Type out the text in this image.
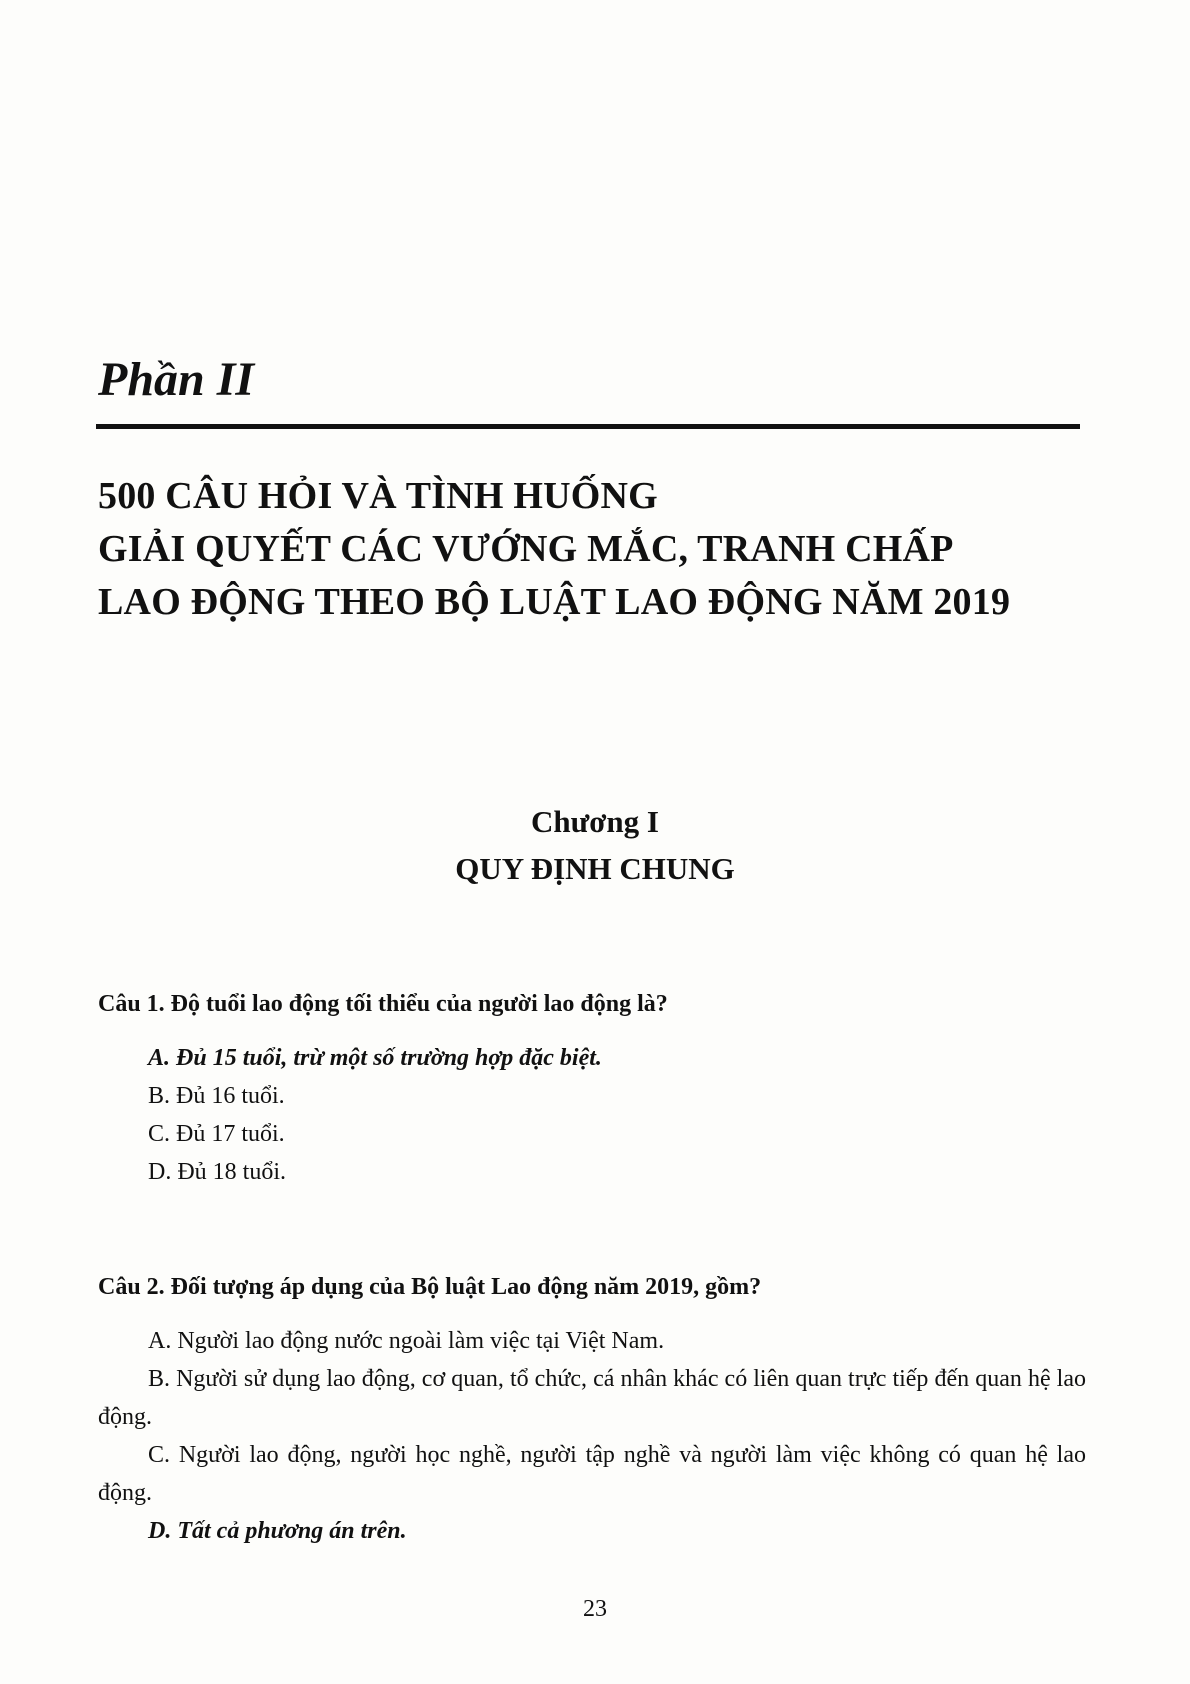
Phần II
500 CÂU HỎI VÀ TÌNH HUỐNG
GIẢI QUYẾT CÁC VƯỚNG MẮC, TRANH CHẤP
LAO ĐỘNG THEO BỘ LUẬT LAO ĐỘNG NĂM 2019
Chương I
QUY ĐỊNH CHUNG

Câu 1. Độ tuổi lao động tối thiểu của người lao động là?

A. Đủ 15 tuổi, trừ một số trường hợp đặc biệt.

B. Đủ 16 tuổi.

C. Đủ 17 tuổi.

D. Đủ 18 tuổi.

Câu 2. Đối tượng áp dụng của Bộ luật Lao động năm 2019, gồm?

A. Người lao động nước ngoài làm việc tại Việt Nam.

B. Người sử dụng lao động, cơ quan, tổ chức, cá nhân khác có liên quan trực tiếp đến quan hệ lao động.

C. Người lao động, người học nghề, người tập nghề và người làm việc không có quan hệ lao động.

D. Tất cả phương án trên.

23
